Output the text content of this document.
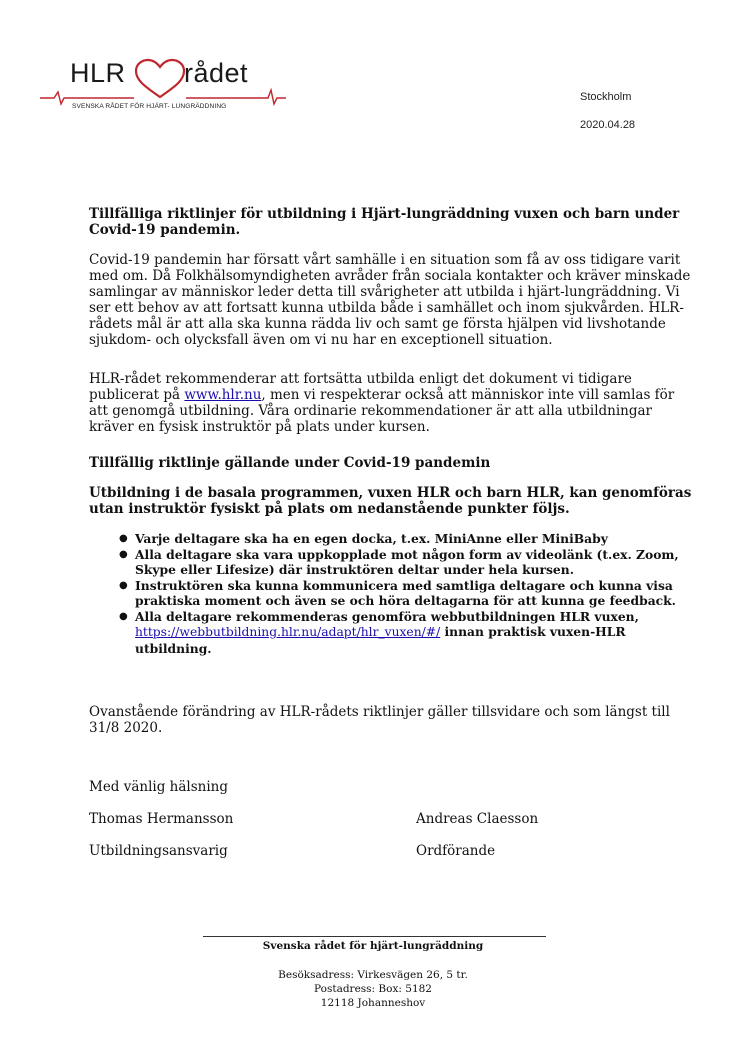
HLR rådet
SVENSKA RÅDET FÖR HJÄRT- LUNGRÄDDNING
Stockholm
2020.04.28
Tillfälliga riktlinjer för utbildning i Hjärt-lungräddning vuxen och barn under
Covid-19 pandemin.
Covid-19 pandemin har försatt vårt samhälle i en situation som få av oss tidigare varit
med om. Då Folkhälsomyndigheten avråder från sociala kontakter och kräver minskade
samlingar av människor leder detta till svårigheter att utbilda i hjärt-lungräddning. Vi
ser ett behov av att fortsatt kunna utbilda både i samhället och inom sjukvården. HLR-
rådets mål är att alla ska kunna rädda liv och samt ge första hjälpen vid livshotande
sjukdom- och olycksfall även om vi nu har en exceptionell situation.
HLR-rådet rekommenderar att fortsätta utbilda enligt det dokument vi tidigare
publicerat på www.hlr.nu, men vi respekterar också att människor inte vill samlas för
att genomgå utbildning. Våra ordinarie rekommendationer är att alla utbildningar
kräver en fysisk instruktör på plats under kursen.
Tillfällig riktlinje gällande under Covid-19 pandemin
Utbildning i de basala programmen, vuxen HLR och barn HLR, kan genomföras
utan instruktör fysiskt på plats om nedanstående punkter följs.
● Varje deltagare ska ha en egen docka, t.ex. MiniAnne eller MiniBaby
● Alla deltagare ska vara uppkopplade mot någon form av videolänk (t.ex. Zoom,
Skype eller Lifesize) där instruktören deltar under hela kursen.
● Instruktören ska kunna kommunicera med samtliga deltagare och kunna visa
praktiska moment och även se och höra deltagarna för att kunna ge feedback.
● Alla deltagare rekommenderas genomföra webbutbildningen HLR vuxen,
https://webbutbildning.hlr.nu/adapt/hlr_vuxen/#/ innan praktisk vuxen-HLR
utbildning.
Ovanstående förändring av HLR-rådets riktlinjer gäller tillsvidare och som längst till
31/8 2020.
Med vänlig hälsning
Thomas Hermansson
Utbildningsansvarig
Andreas Claesson
Ordförande
Svenska rådet för hjärt-lungräddning
Besöksadress: Virkesvägen 26, 5 tr.
Postadress: Box: 5182
12118 Johanneshov
